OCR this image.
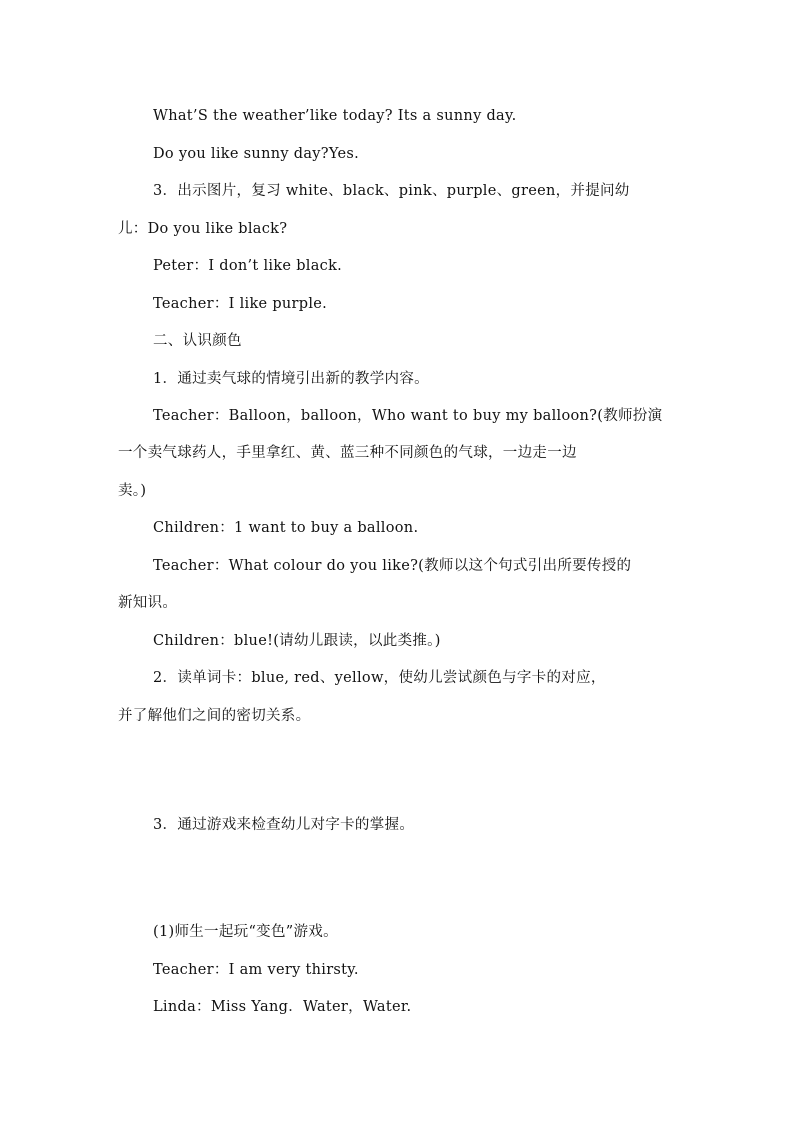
What’S the weather’like today? Its a sunny day.

Do you like sunny day?Yes.

3．出示图片，复习 white、black、pink、purple、green，并提问幼

儿：Do you like black?

Peter：I don’t like black.

Teacher：I like purple.

二、认识颜色

1．通过卖气球的情境引出新的教学内容。

Teacher：Balloon，balloon，Who want to buy my balloon?(教师扮演

一个卖气球药人，手里拿红、黄、蓝三种不同颜色的气球，一边走一边

卖。)

Children：1 want to buy a balloon.

Teacher：What colour do you like?(教师以这个句式引出所要传授的

新知识。

Children：blue!(请幼儿跟读，以此类推。)

2．读单词卡：blue, red、yellow，使幼儿尝试颜色与字卡的对应，

并了解他们之间的密切关系。

3．通过游戏来检查幼儿对字卡的掌握。

(1)师生一起玩“变色”游戏。

Teacher：I am very thirsty.

Linda：Miss Yang．Water，Water.
